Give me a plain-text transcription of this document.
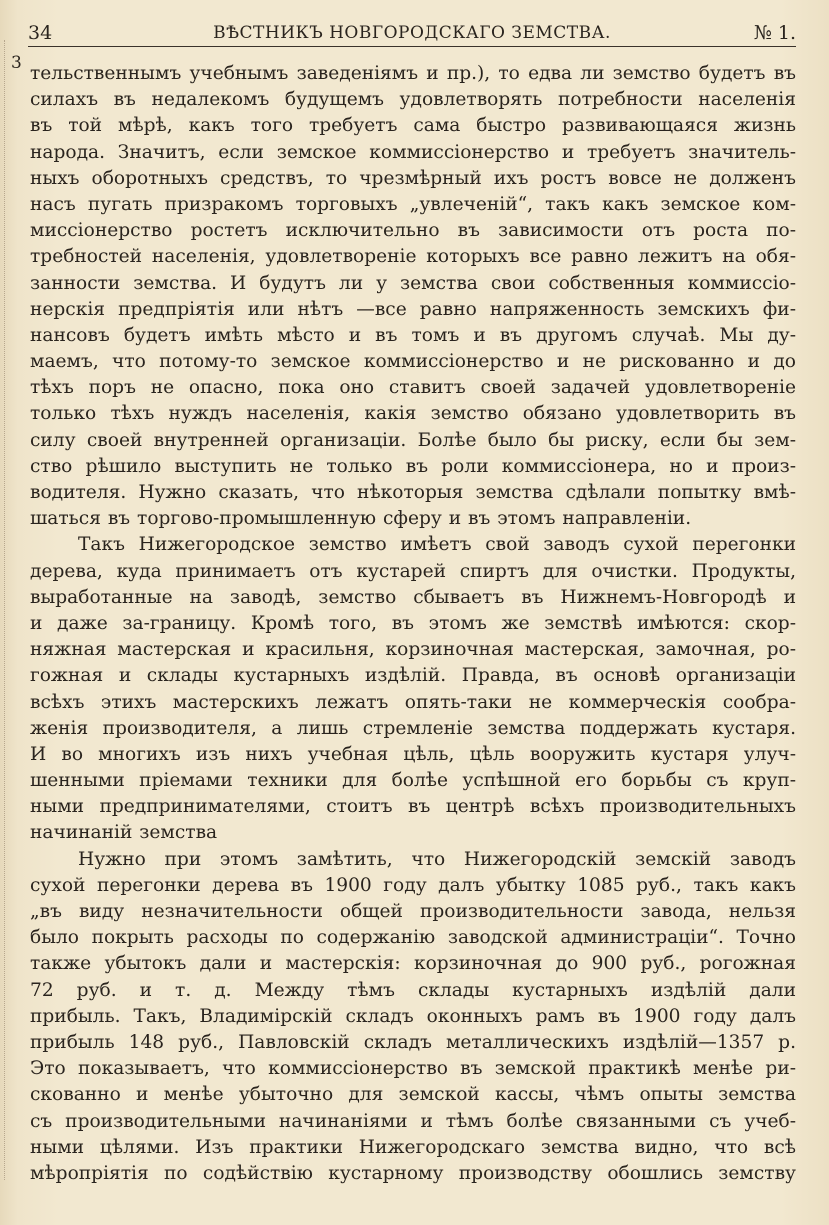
34	ВѢСТНИКЪ НОВГОРОДСКАГО ЗЕМСТВА.	№ 1.
3 тельственнымъ учебнымъ заведеніямъ и пр.), то едва ли земство будетъ въ
силахъ въ недалекомъ будущемъ удовлетворять потребности населенія
въ той мѣрѣ, какъ того требуетъ сама быстро развивающаяся жизнь
народа. Значитъ, если земское коммиссіонерство и требуетъ значитель-
ныхъ оборотныхъ средствъ, то чрезмѣрный ихъ ростъ вовсе не долженъ
насъ пугать призракомъ торговыхъ „увлеченій“, такъ какъ земское ком-
миссіонерство ростетъ исключительно въ зависимости отъ роста по-
требностей населенія, удовлетвореніе которыхъ все равно лежитъ на обя-
занности земства. И будутъ ли у земства свои собственныя коммиссіо-
нерскія предпріятія или нѣтъ —все равно напряженность земскихъ фи-
нансовъ будетъ имѣть мѣсто и въ томъ и въ другомъ случаѣ. Мы ду-
маемъ, что потому-то земское коммиссіонерство и не рискованно и до
тѣхъ поръ не опасно, пока оно ставитъ своей задачей удовлетвореніе
только тѣхъ нуждъ населенія, какія земство обязано удовлетворить въ
силу своей внутренней организаціи. Болѣе было бы риску, если бы зем-
ство рѣшило выступить не только въ роли коммиссіонера, но и произ-
водителя. Нужно сказать, что нѣкоторыя земства сдѣлали попытку вмѣ-
шаться въ торгово-промышленную сферу и въ этомъ направленіи.
Такъ Нижегородское земство имѣетъ свой заводъ сухой перегонки
дерева, куда принимаетъ отъ кустарей спиртъ для очистки. Продукты,
выработанные на заводѣ, земство сбываетъ въ Нижнемъ-Новгородѣ и
и даже за-границу. Кромѣ того, въ этомъ же земствѣ имѣются: скор-
няжная мастерская и красильня, корзиночная мастерская, замочная, ро-
гожная и склады кустарныхъ издѣлій. Правда, въ основѣ организаціи
всѣхъ этихъ мастерскихъ лежатъ опять-таки не коммерческія сообра-
женія производителя, а лишь стремленіе земства поддержать кустаря.
И во многихъ изъ нихъ учебная цѣль, цѣль вооружить кустаря улуч-
шенными пріемами техники для болѣе успѣшной его борьбы съ круп-
ными предпринимателями, стоитъ въ центрѣ всѣхъ производительныхъ
начинаній земства
Нужно при этомъ замѣтить, что Нижегородскій земскій заводъ
сухой перегонки дерева въ 1900 году далъ убытку 1085 руб., такъ какъ
„въ виду незначительности общей производительности завода, нельзя
было покрыть расходы по содержанію заводской администраціи“. Точно
также убытокъ дали и мастерскія: корзиночная до 900 руб., рогожная
72 руб. и т. д. Между тѣмъ склады кустарныхъ издѣлій дали
прибыль. Такъ, Владимірскій складъ оконныхъ рамъ въ 1900 году далъ
прибыль 148 руб., Павловскій складъ металлическихъ издѣлій—1357 р.
Это показываетъ, что коммиссіонерство въ земской практикѣ менѣе ри-
скованно и менѣе убыточно для земской кассы, чѣмъ опыты земства
съ производительными начинаніями и тѣмъ болѣе связанными съ учеб-
ными цѣлями. Изъ практики Нижегородскаго земства видно, что всѣ
мѣропріятія по содѣйствію кустарному производству обошлись земству
